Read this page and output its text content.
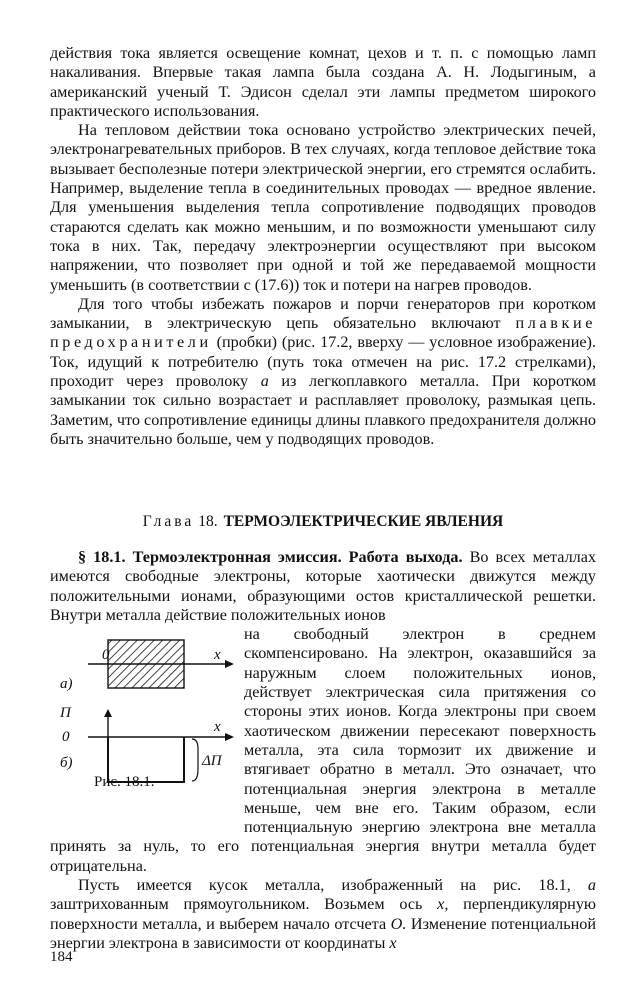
действия тока является освещение комнат, цехов и т. п. с помощью ламп накаливания. Впервые такая лампа была создана А. Н. Лодыгиным, а американский ученый Т. Эдисон сделал эти лампы предметом широкого практического использования.

На тепловом действии тока основано устройство электрических печей, электронагревательных приборов. В тех случаях, когда тепловое действие тока вызывает бесполезные потери электрической энергии, его стремятся ослабить. Например, выделение тепла в соединительных проводах — вредное явление. Для уменьшения выделения тепла сопротивление подводящих проводов стараются сделать как можно меньшим, и по возможности уменьшают силу тока в них. Так, передачу электроэнергии осуществляют при высоком напряжении, что позволяет при одной и той же передаваемой мощности уменьшить (в соответствии с (17.6)) ток и потери на нагрев проводов.

Для того чтобы избежать пожаров и порчи генераторов при коротком замыкании, в электрическую цепь обязательно включают плавкие предохранители (пробки) (рис. 17.2, вверху — условное изображение). Ток, идущий к потребителю (путь тока отмечен на рис. 17.2 стрелками), проходит через проволоку a из легкоплавкого металла. При коротком замыкании ток сильно возрастает и расплавляет проволоку, размыкая цепь. Заметим, что сопротивление единицы длины плавкого предохранителя должно быть значительно больше, чем у подводящих проводов.

Глава 18. ТЕРМОЭЛЕКТРИЧЕСКИЕ ЯВЛЕНИЯ

§ 18.1. Термоэлектронная эмиссия. Работа выхода. Во всех металлах имеются свободные электроны, которые хаотически движутся между положительными ионами, образующими остов кристаллической решетки. Внутри металла действие положительных ионов

0	x
a)
П
0
x
ΔП
б)
Рис. 18.1.

на свободный электрон в среднем скомпенсировано. На электрон, оказавшийся за наружным слоем положительных ионов, действует электрическая сила притяжения со стороны этих ионов. Когда электроны при своем хаотическом движении пересекают поверхность металла, эта сила тормозит их движение и втягивает обратно в металл. Это означает, что потенциальная энергия электрона в металле меньше, чем вне его. Таким образом, если потенциальную энергию электрона вне металла принять за нуль, то его потенциальная энергия внутри металла будет отрицательна.

Пусть имеется кусок металла, изображенный на рис. 18.1, a заштрихованным прямоугольником. Возьмем ось x, перпендикулярную поверхности металла, и выберем начало отсчета O. Изменение потенциальной энергии электрона в зависимости от координаты x

184
